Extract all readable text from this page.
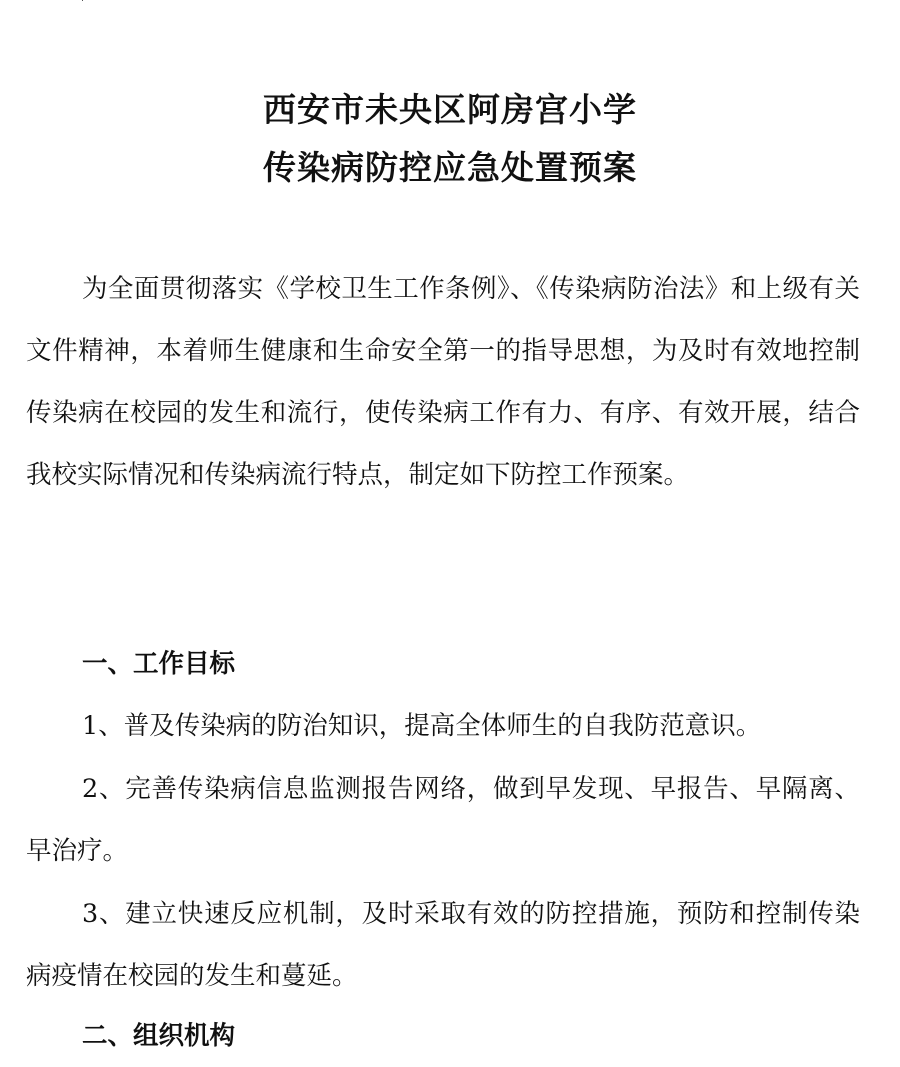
西安市未央区阿房宫小学

传染病防控应急处置预案

为全面贯彻落实《学校卫生工作条例》、《传染病防治法》和上级有关文件精神，本着师生健康和生命安全第一的指导思想，为及时有效地控制传染病在校园的发生和流行，使传染病工作有力、有序、有效开展，结合我校实际情况和传染病流行特点，制定如下防控工作预案。

一、工作目标

1、普及传染病的防治知识，提高全体师生的自我防范意识。

2、完善传染病信息监测报告网络，做到早发现、早报告、早隔离、早治疗。

3、建立快速反应机制，及时采取有效的防控措施，预防和控制传染病疫情在校园的发生和蔓延。

二、组织机构
